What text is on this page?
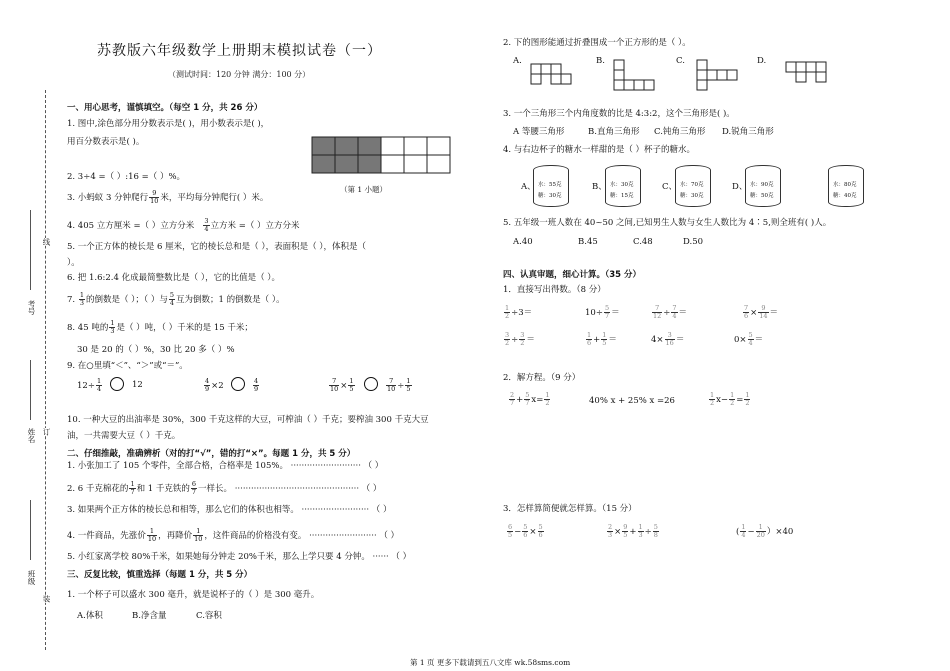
考号
姓名
班级
线
订
装
苏教版六年级数学上册期末模拟试卷（一）
（测试时间：120 分钟 满分：100 分）
一、用心思考，谨慎填空。（每空 1 分，共 26 分）
1. 图中,涂色部分用分数表示是( )，用小数表示是( )，
用百分数表示是( )。
（第 1 小题）
2. 3÷4 =（ ）:16 =（ ）%。
3. 小蚂蚁 3 分钟爬行 $\frac{9}{10}$ 米，平均每分钟爬行( ）米。
4. 405 立方厘米 =（ ）立方分米 $\frac{3}{4}$ 立方米 =（ ）立方分米
5. 一个正方体的棱长是 6 厘米，它的棱长总和是（ ），表面积是（ ），体积是（
）。
6. 把 1.6:2.4 化成最简整数比是（ ），它的比值是（ ）。
7. $\frac{1}{3}$ 的倒数是（ ）；（ ）与 $\frac{5}{4}$ 互为倒数；1 的倒数是（ ）。
8. 45 吨的 $\frac{1}{3}$ 是（ ）吨，（ ）千米的是 15 千米；
30 是 20 的（ ）%，30 比 20 多（ ）%
9. 在○里填“＜”、“＞”或“＝”。
$12\div \frac{1}{4}$	12	$\frac{4}{9} \times 2$	$\frac{4}{9}$	$\frac{7}{10} \times \frac{1}{5}$	$\frac{7}{10} \div \frac{1}{5}$
10. 一种大豆的出油率是 30%，300 千克这样的大豆，可榨油（ ）千克；要榨油 300 千克大豆
油，一共需要大豆（ ）千克。
二、仔细推敲，准确辨析（对的打“√”，错的打“×”。每题 1 分，共 5 分）
1. 小张加工了 105 个零件，全部合格，合格率是 105%。 ·························· （ ）
2. 6 千克棉花的 $\frac{1}{7}$ 和 1 千克铁的 $\frac{6}{7}$ 一样长。 ·············································· （ ）
3. 如果两个正方体的棱长总和相等，那么它们的体积也相等。 ························· （ ）
4. 一件商品，先涨价 $\frac{1}{10}$ ，再降价 $\frac{1}{10}$ ，这件商品的价格没有变。 ························· （ ）
5. 小红家离学校 80%千米，如果她每分钟走 20%千米，那么上学只要 4 分钟。 ······ （ ）
三、反复比较，慎重选择（每题 1 分，共 5 分）
1. 一个杯子可以盛水 300 毫升，就是说杯子的（ ）是 300 毫升。
A.体积	B.净含量	C.容积
2. 下的图形能通过折叠围成一个正方形的是（ ）。
A.	B.	C.	D.
3. 一个三角形三个内角度数的比是 4:3:2，这个三角形是( )。
A 等腰三角形	B.直角三角形 C.钝角三角形 D.锐角三角形
4. 与右边杯子的糖水一样甜的是（ ）杯子的糖水。
A、	B、	C、	D、
水：55克
糖：30克
水：30克
糖：15克
水：70克
糖：30克
水：90克
糖：50克
水：80克
糖：40克
5. 五年级一班人数在 40~50 之间,已知男生人数与女生人数比为 4∶5,则全班有( )人。
A.40	B.45	C.48	D.50
四、认真审题，细心计算。（35 分）
1．直接写出得数。（8 分）
$\frac{1}{2} \div 3=$	$10\div \frac{5}{7}$ ＝	$\frac{7}{12} \div \frac{7}{4}$ ＝	$\frac{7}{6} \times \frac{9}{14}$ ＝
$\frac{3}{2} \div \frac{3}{2}$ ＝	$\frac{1}{6} + \frac{1}{5}$ ＝	$4\times \frac{3}{16}$ ＝	$0\times \frac{5}{4}$ ＝
2．解方程。（9 分）
$\frac{2}{7} + \frac{5}{7} x= \frac{1}{2}$	40% x + 25% x =26	$\frac{1}{2} x- \frac{1}{2} = \frac{1}{2}$
3．怎样算简便就怎样算。（15 分）
$\frac{6}{5} - \frac{5}{6} \times \frac{5}{6}$	$\frac{2}{3} \times \frac{9}{5} + \frac{1}{3} \div \frac{5}{8}$	( $\frac{1}{4} - \frac{1}{20} )\times 40$
第 1 页 更多下载请到五八文库 wk.58sms.com
